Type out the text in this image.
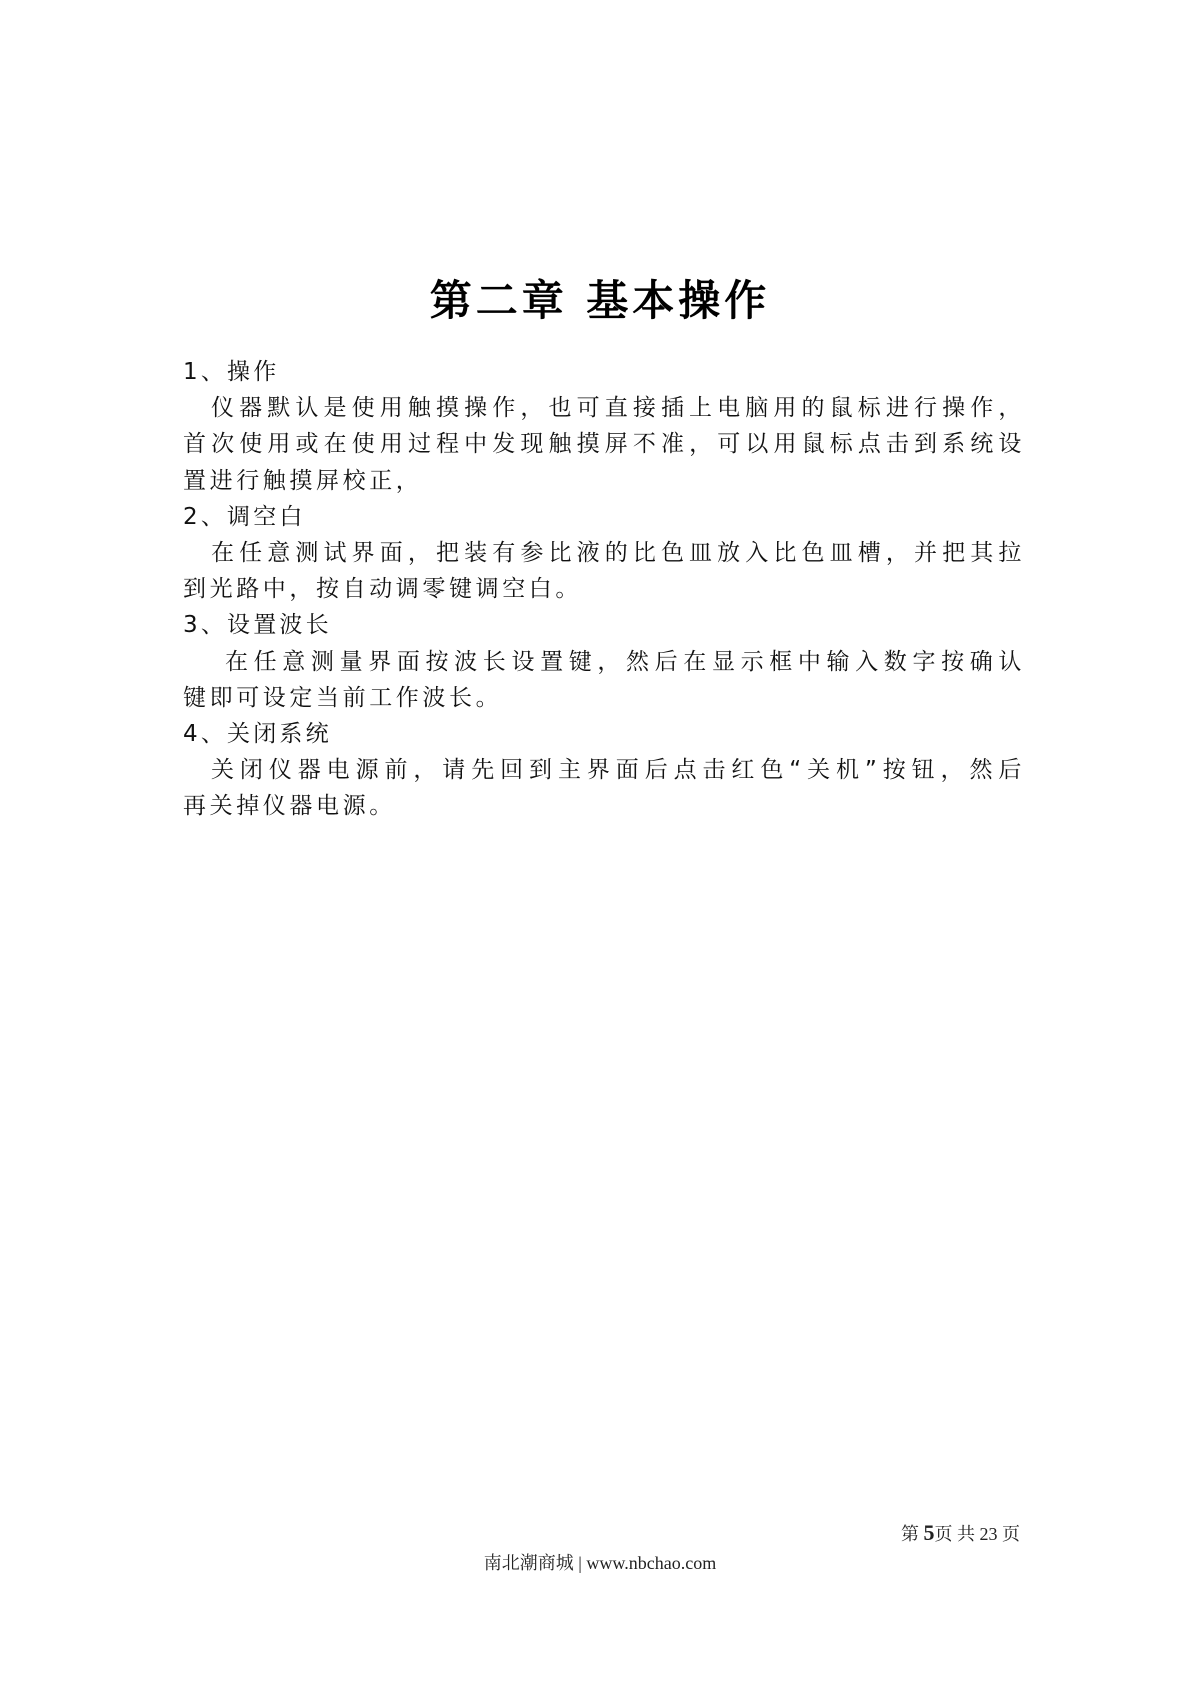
第二章 基本操作
1、操作
仪器默认是使用触摸操作，也可直接插上电脑用的鼠标进行操作，
首次使用或在使用过程中发现触摸屏不准，可以用鼠标点击到系统设
置进行触摸屏校正，
2、调空白
在任意测试界面，把装有参比液的比色皿放入比色皿槽，并把其拉
到光路中，按自动调零键调空白。
3、设置波长
在任意测量界面按波长设置键，然后在显示框中输入数字按确认
键即可设定当前工作波长。
4、关闭系统
关闭仪器电源前，请先回到主界面后点击红色“关机”按钮，然后
再关掉仪器电源。
第 5页 共 23 页
南北潮商城 | www.nbchao.com
